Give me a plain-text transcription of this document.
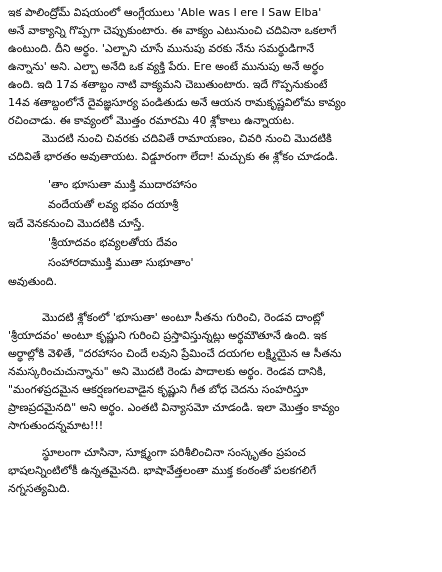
ఇక పాలింద్రోమ్ విషయంలో ఆంగ్లేయులు 'Able was I ere I Saw Elba'
అనే వాక్యాన్ని గొప్పగా చెప్పుకుంటారు. ఈ వాక్యం ఎటునుంచి చదివినా ఒకలాగే
ఉంటుంది. దీని అర్థం. 'ఎల్బాని చూసే మునుపు వరకు నేను సమర్థుడిగానే
ఉన్నాను' అని. ఎల్బా అనేది ఒక వ్యక్తి పేరు. Ere అంటే మునుపు అనే అర్థం
ఉంది. ఇది 17వ శతాబ్దం నాటి వాక్యమని చెబుతుంటారు. ఇదే గొప్పనుకుంటే
14వ శతాబ్దంలోనే దైవజ్ఞసూర్య పండితుడు అనే ఆయన రామకృష్ణవిలోమ కావ్యం
రచించాడు. ఈ కావ్యంలో మొత్తం రమారమి 40 శ్లోకాలు ఉన్నాయట.
మొదటి నుంచి చివరకు చదివితే రామాయణం, చివరి నుంచి మొదటికి
చదివితే భారతం అవుతాయట. విడ్డూరంగా లేదా! మచ్చుకు ఈ శ్లోకం చూడండి.
'తాం భూసుతా ముక్తి ముదారహాసం
వందేయతో లవ్య భవం దయాశ్రీ
ఇదే వెనకనుంచి మొదటికి చూస్తే.
'శ్రీయాదవం భవ్యలతోయ దేవం
సంహారదాముక్తి ముతా సుభూతాం'
అవుతుంది.
మొదటి శ్లోకంలో 'భూసుతా' అంటూ సీతను గురించి, రెండవ దాంట్లో
'శ్రీయాదవం' అంటూ కృష్ణుని గురించి ప్రస్తావిస్తున్నట్లు అర్థమౌతూనే ఉంది. ఇక
అర్థాల్లోకి వెళితే, "దరహాసం చిందే లవుని ప్రేమించే దయగల లక్ష్మియైన ఆ సీతను
నమస్కరించుచున్నాను" అని మొదటి రెండు పాదాలకు అర్థం. రెండవ దానికి,
"మంగళప్రదమైన ఆకర్షణగలవాడైన కృష్ణుని గీత బోధ చెదను సంహరిస్తూ
ప్రాణప్రదమైనది" అని అర్థం. ఎంతటి విన్యాసమో చూడండి. ఇలా మొత్తం కావ్యం
సాగుతుందన్నమాట!!!
స్థూలంగా చూసినా, సూక్ష్మంగా పరిశీలించినా సంస్కృతం ప్రపంచ
భాషలన్నింటిలోకీ ఉన్నతమైనది. భాషావేత్తలంతా ముక్త కంఠంతో పలకగలిగే
నగ్నసత్యమిది.
